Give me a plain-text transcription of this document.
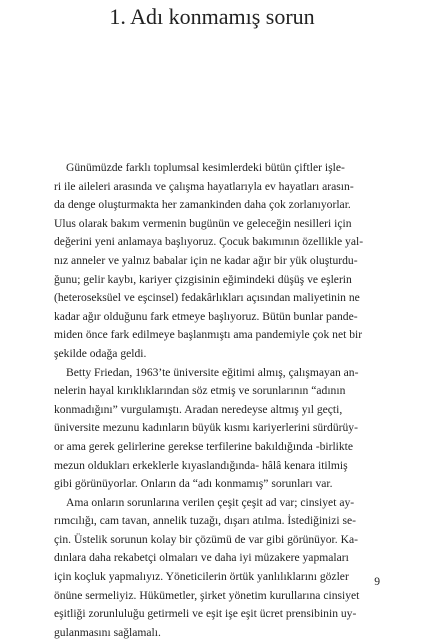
1. Adı konmamış sorun
Günümüzde farklı toplumsal kesimlerdeki bütün çiftler işle-
ri ile aileleri arasında ve çalışma hayatlarıyla ev hayatları arasın-
da denge oluşturmakta her zamankinden daha çok zorlanıyorlar.
Ulus olarak bakım vermenin bugünün ve geleceğin nesilleri için
değerini yeni anlamaya başlıyoruz. Çocuk bakımının özellikle yal-
nız anneler ve yalnız babalar için ne kadar ağır bir yük oluşturdu-
ğunu; gelir kaybı, kariyer çizgisinin eğimindeki düşüş ve eşlerin
(heteroseksüel ve eşcinsel) fedakârlıkları açısından maliyetinin ne
kadar ağır olduğunu fark etmeye başlıyoruz. Bütün bunlar pande-
miden önce fark edilmeye başlanmıştı ama pandemiyle çok net bir
şekilde odağa geldi.
Betty Friedan, 1963’te üniversite eğitimi almış, çalışmayan an-
nelerin hayal kırıklıklarından söz etmiş ve sorunlarının “adının
konmadığını” vurgulamıştı. Aradan neredeyse altmış yıl geçti,
üniversite mezunu kadınların büyük kısmı kariyerlerini sürdürüy-
or ama gerek gelirlerine gerekse terfilerine bakıldığında -birlikte
mezun oldukları erkeklerle kıyaslandığında- hâlâ kenara itilmiş
gibi görünüyorlar. Onların da “adı konmamış” sorunları var.
Ama onların sorunlarına verilen çeşit çeşit ad var; cinsiyet ay-
rımcılığı, cam tavan, annelik tuzağı, dışarı atılma. İstediğinizi se-
çin. Üstelik sorunun kolay bir çözümü de var gibi görünüyor. Ka-
dınlara daha rekabetçi olmaları ve daha iyi müzakere yapmaları
için koçluk yapmalıyız. Yöneticilerin örtük yanlılıklarını gözler
önüne sermeliyiz. Hükümetler, şirket yönetim kurullarına cinsiyet
eşitliği zorunluluğu getirmeli ve eşit işe eşit ücret prensibinin uy-
gulanmasını sağlamalı.
9
